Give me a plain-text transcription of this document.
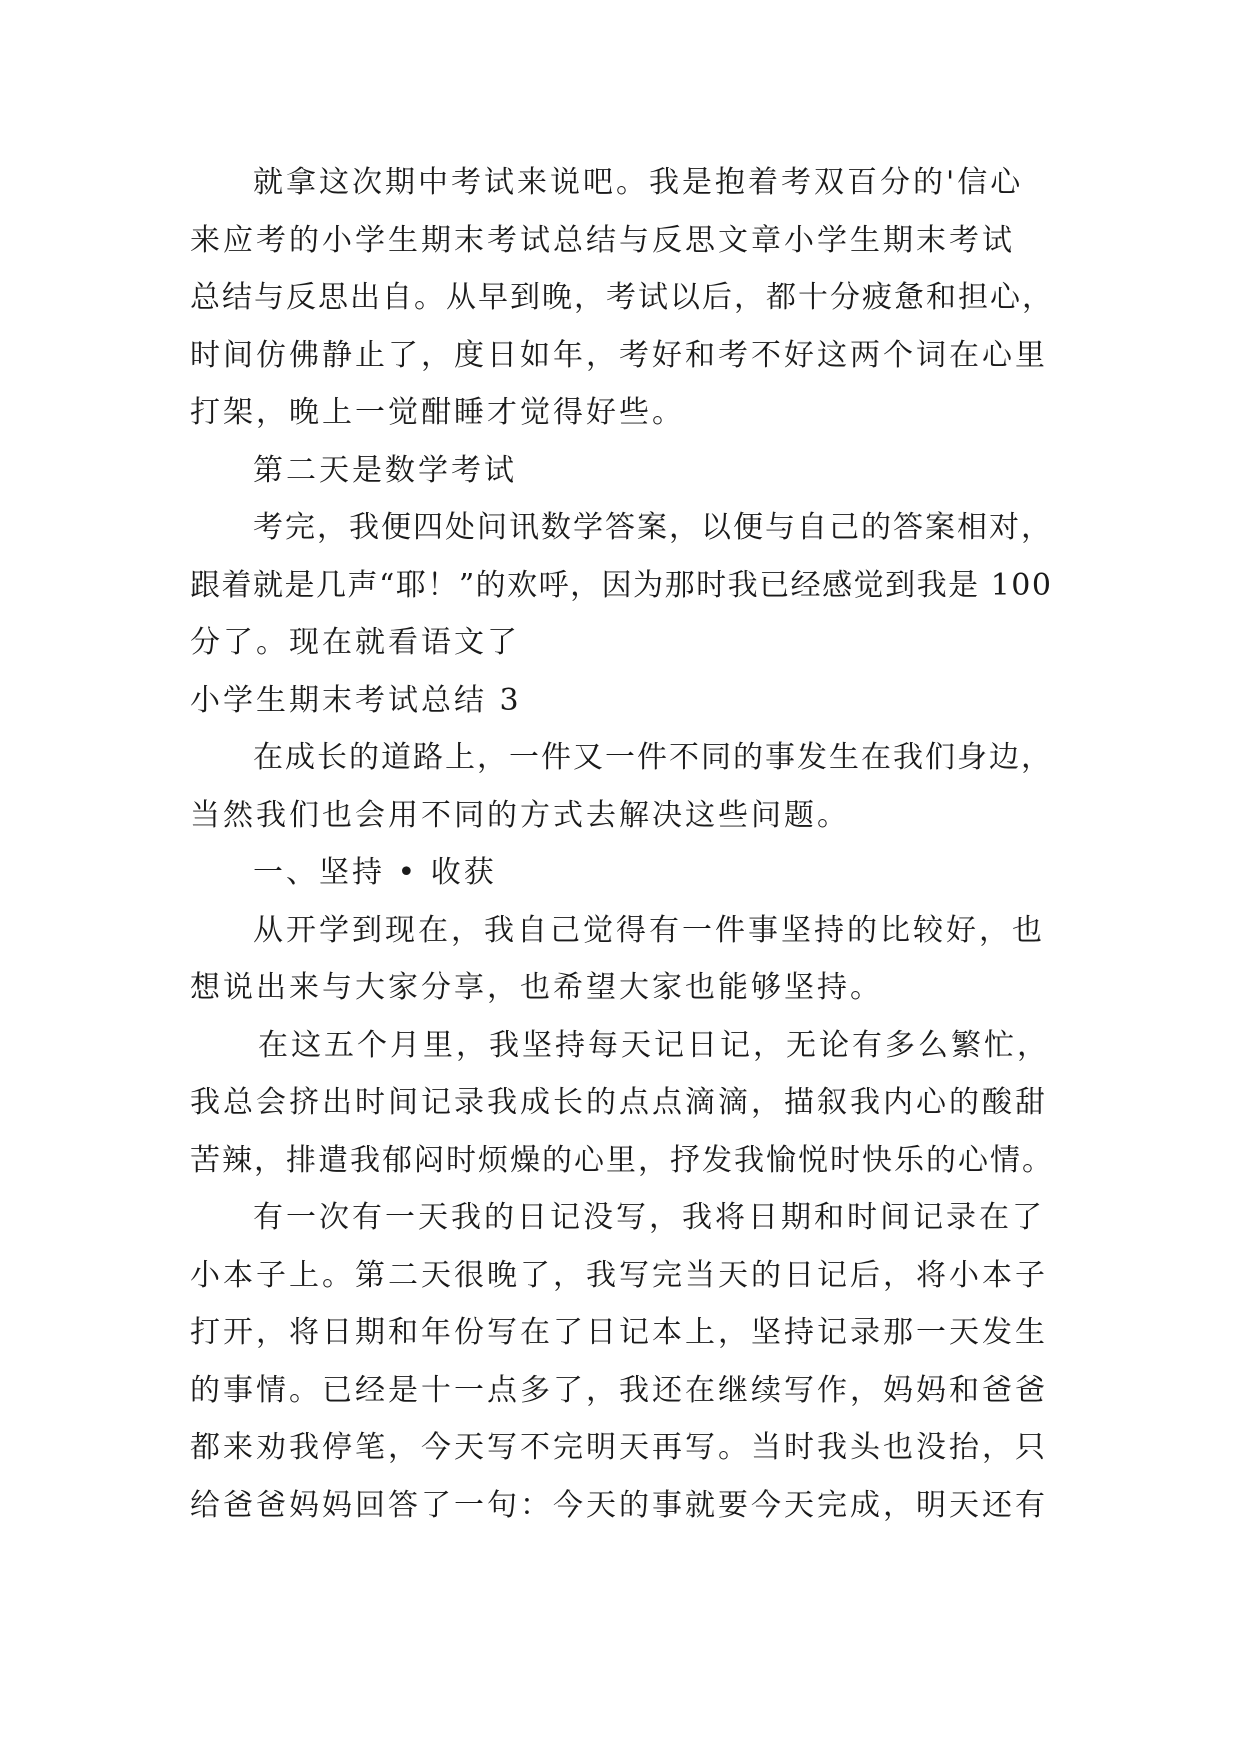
就拿这次期中考试来说吧。我是抱着考双百分的'信心
来应考的小学生期末考试总结与反思文章小学生期末考试
总结与反思出自。从早到晚，考试以后，都十分疲惫和担心，
时间仿佛静止了，度日如年，考好和考不好这两个词在心里
打架，晚上一觉酣睡才觉得好些。
第二天是数学考试
考完，我便四处问讯数学答案，以便与自己的答案相对，
跟着就是几声“耶！”的欢呼，因为那时我已经感觉到我是 100
分了。现在就看语文了
小学生期末考试总结 3
在成长的道路上，一件又一件不同的事发生在我们身边，
当然我们也会用不同的方式去解决这些问题。
一、坚持 • 收获
从开学到现在，我自己觉得有一件事坚持的比较好，也
想说出来与大家分享，也希望大家也能够坚持。
在这五个月里，我坚持每天记日记，无论有多么繁忙，
我总会挤出时间记录我成长的点点滴滴，描叙我内心的酸甜
苦辣，排遣我郁闷时烦燥的心里，抒发我愉悦时快乐的心情。
有一次有一天我的日记没写，我将日期和时间记录在了
小本子上。第二天很晚了，我写完当天的日记后，将小本子
打开，将日期和年份写在了日记本上，坚持记录那一天发生
的事情。已经是十一点多了，我还在继续写作，妈妈和爸爸
都来劝我停笔，今天写不完明天再写。当时我头也没抬，只
给爸爸妈妈回答了一句：今天的事就要今天完成，明天还有
